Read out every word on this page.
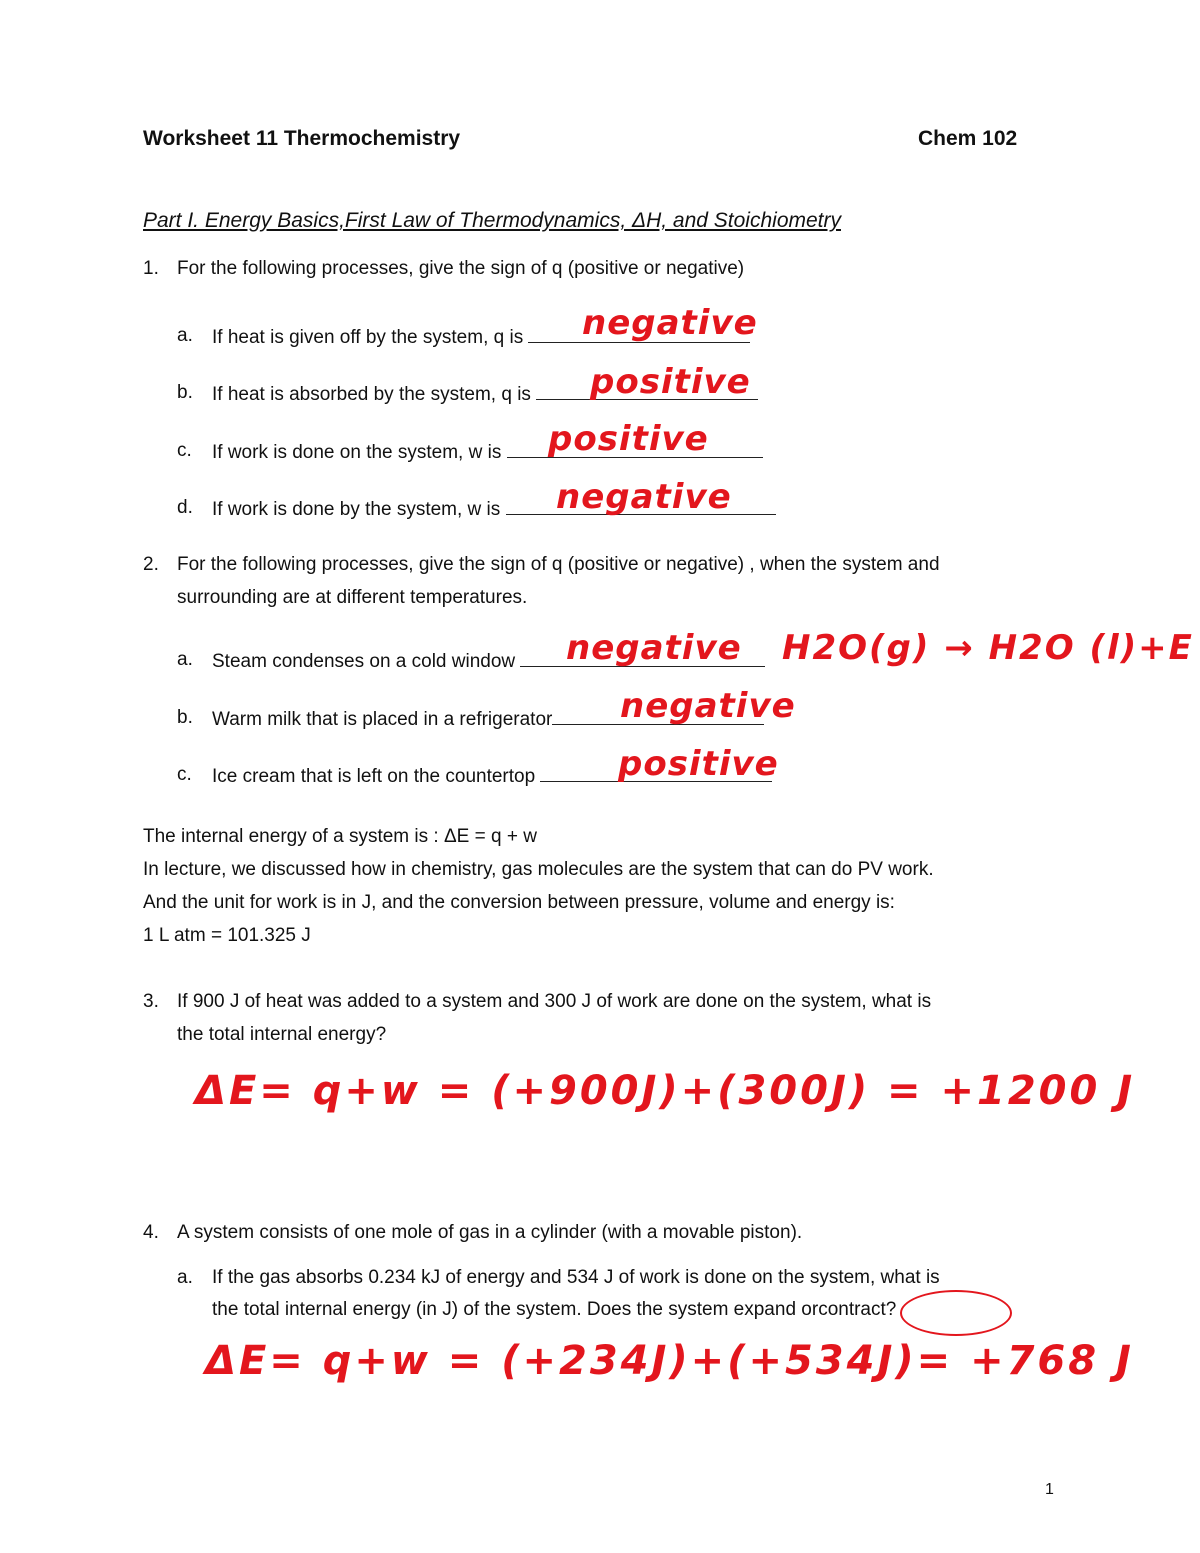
Worksheet 11 Thermochemistry	Chem 102
Part I. Energy Basics,First Law of Thermodynamics, ΔH, and Stoichiometry
1. For the following processes, give the sign of q (positive or negative)
a. If heat is given off by the system, q is	negative
b. If heat is absorbed by the system, q is	positive
c. If work is done on the system, w is	positive
d. If work is done by the system, w is	negative
2. For the following processes, give the sign of q (positive or negative) , when the system and
surrounding are at different temperatures.
a. Steam condenses on a cold window	negative H2O(g) → H2O (l)+E
b. Warm milk that is placed in a refrigerator	negative
c. Ice cream that is left on the countertop	positive
The internal energy of a system is : ΔE = q + w
In lecture, we discussed how in chemistry, gas molecules are the system that can do PV work.
And the unit for work is in J, and the conversion between pressure, volume and energy is:
1 L atm = 101.325 J
3. If 900 J of heat was added to a system and 300 J of work are done on the system, what is
the total internal energy?
ΔE= q+w = (+900J)+(300J) = +1200 J
4. A system consists of one mole of gas in a cylinder (with a movable piston).
a. If the gas absorbs 0.234 kJ of energy and 534 J of work is done on the system, what is
the total internal energy (in J) of the system. Does the system expand orcontract?
ΔE= q+w = (+234J)+(+534J)= +768 J
1
